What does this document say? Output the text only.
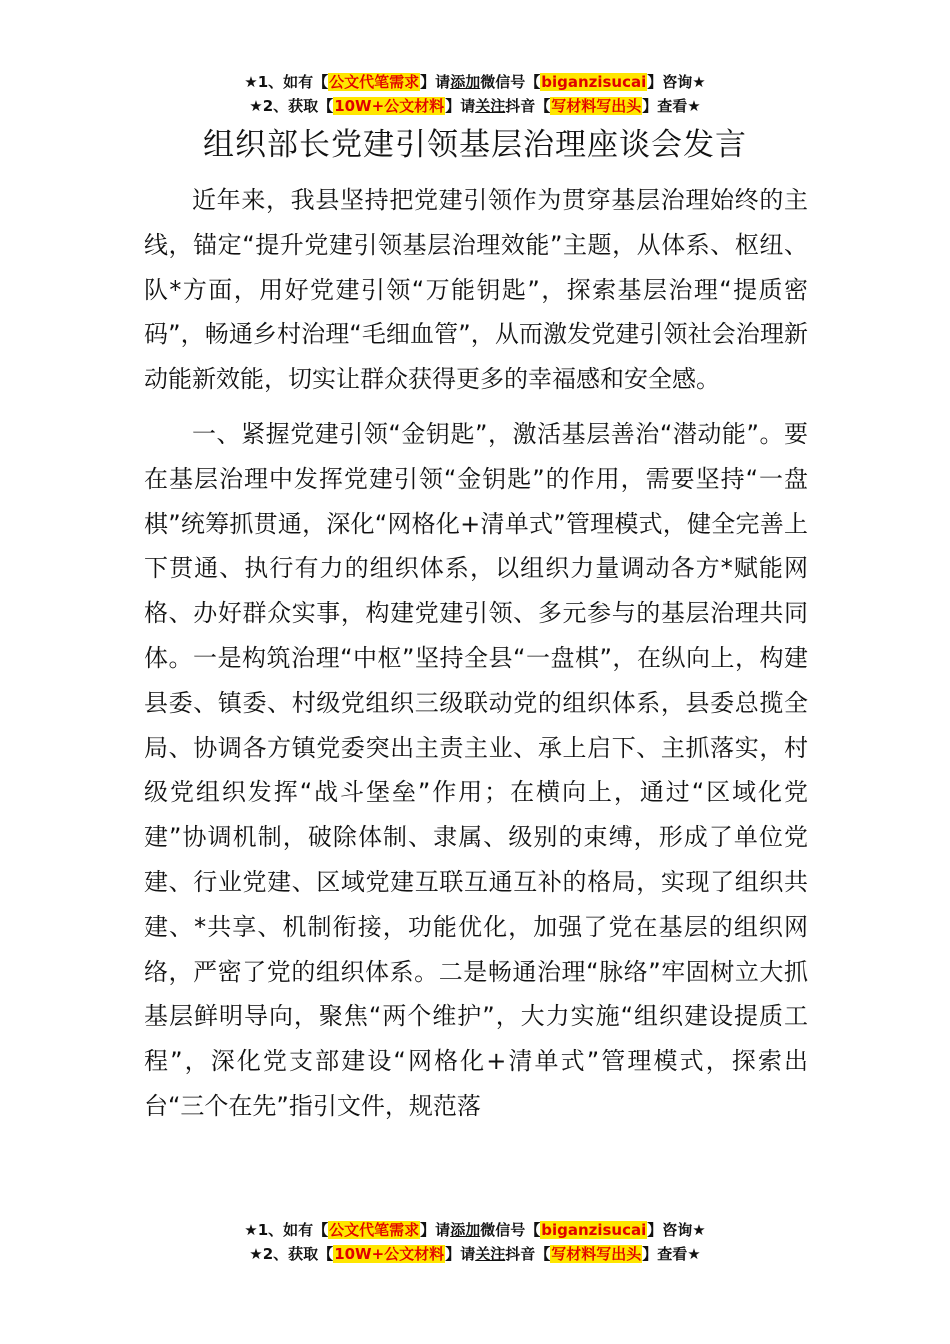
★1、如有【公文代笔需求】请添加微信号【biganzisucai】咨询★
★2、获取【10W+公文材料】请关注抖音【写材料写出头】查看★
组织部长党建引领基层治理座谈会发言

近年来，我县坚持把党建引领作为贯穿基层治理始终的主线，锚定“提升党建引领基层治理效能”主题，从体系、枢纽、队*方面，用好党建引领“万能钥匙”，探索基层治理“提质密码”，畅通乡村治理“毛细血管”，从而激发党建引领社会治理新动能新效能，切实让群众获得更多的幸福感和安全感。

一、紧握党建引领“金钥匙”，激活基层善治“潜动能”。要在基层治理中发挥党建引领“金钥匙”的作用，需要坚持“一盘棋”统筹抓贯通，深化“网格化+清单式”管理模式，健全完善上下贯通、执行有力的组织体系，以组织力量调动各方*赋能网格、办好群众实事，构建党建引领、多元参与的基层治理共同体。一是构筑治理“中枢”坚持全县“一盘棋”，在纵向上，构建县委、镇委、村级党组织三级联动党的组织体系，县委总揽全局、协调各方镇党委突出主责主业、承上启下、主抓落实，村级党组织发挥“战斗堡垒”作用；在横向上，通过“区域化党建”协调机制，破除体制、隶属、级别的束缚，形成了单位党建、行业党建、区域党建互联互通互补的格局，实现了组织共建、*共享、机制衔接，功能优化，加强了党在基层的组织网络，严密了党的组织体系。二是畅通治理“脉络”牢固树立大抓基层鲜明导向，聚焦“两个维护”，大力实施“组织建设提质工程”，深化党支部建设“网格化+清单式”管理模式，探索出台“三个在先”指引文件，规范落

★1、如有【公文代笔需求】请添加微信号【biganzisucai】咨询★
★2、获取【10W+公文材料】请关注抖音【写材料写出头】查看★
